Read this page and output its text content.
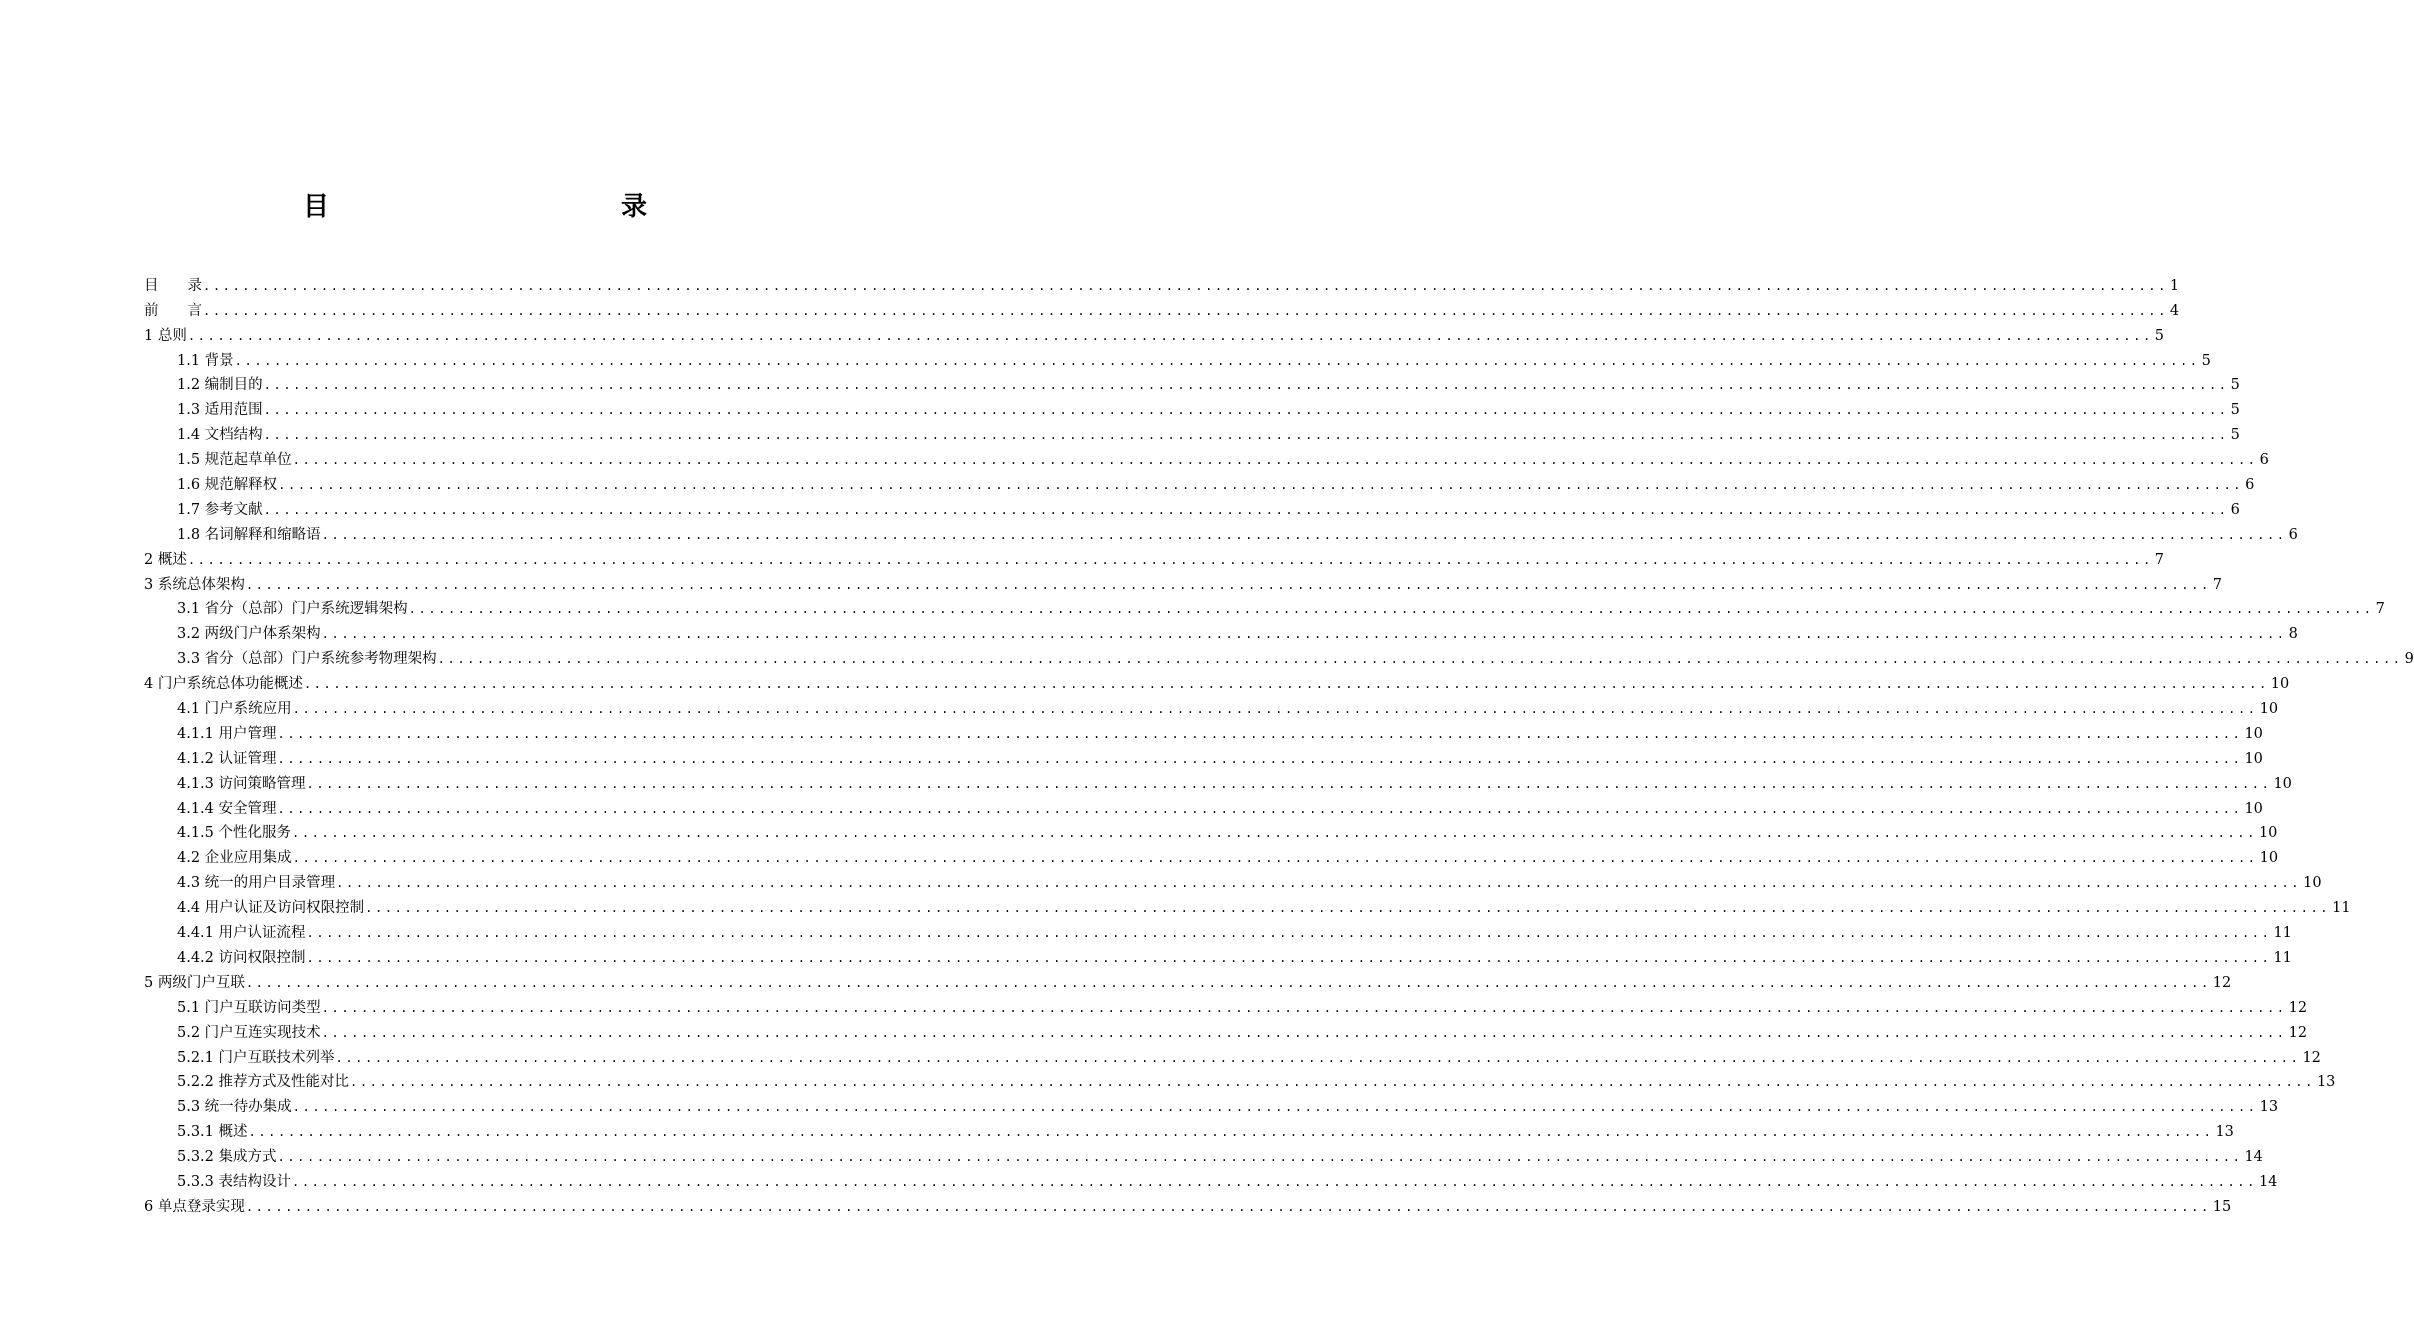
目　　录
目　　录 ........................................................................................................................................................................................................ 1
前　　言 ........................................................................................................................................................................................................ 4
1 总则 ........................................................................................................................................................................................................ 5
1.1 背景 ........................................................................................................................................................................................................ 5
1.2 编制目的 ........................................................................................................................................................................................................ 5
1.3 适用范围 ........................................................................................................................................................................................................ 5
1.4 文档结构 ........................................................................................................................................................................................................ 5
1.5 规范起草单位 ........................................................................................................................................................................................................ 6
1.6 规范解释权 ........................................................................................................................................................................................................ 6
1.7 参考文献 ........................................................................................................................................................................................................ 6
1.8 名词解释和缩略语 ........................................................................................................................................................................................................ 6
2 概述 ........................................................................................................................................................................................................ 7
3 系统总体架构 ........................................................................................................................................................................................................ 7
3.1 省分（总部）门户系统逻辑架构 ........................................................................................................................................................................................................ 7
3.2 两级门户体系架构 ........................................................................................................................................................................................................ 8
3.3 省分（总部）门户系统参考物理架构 ........................................................................................................................................................................................................ 9
4 门户系统总体功能概述 ........................................................................................................................................................................................................ 10
4.1 门户系统应用 ........................................................................................................................................................................................................ 10
4.1.1 用户管理 ........................................................................................................................................................................................................ 10
4.1.2 认证管理 ........................................................................................................................................................................................................ 10
4.1.3 访问策略管理 ........................................................................................................................................................................................................ 10
4.1.4 安全管理 ........................................................................................................................................................................................................ 10
4.1.5 个性化服务 ........................................................................................................................................................................................................ 10
4.2 企业应用集成 ........................................................................................................................................................................................................ 10
4.3 统一的用户目录管理 ........................................................................................................................................................................................................ 10
4.4 用户认证及访问权限控制 ........................................................................................................................................................................................................ 11
4.4.1 用户认证流程 ........................................................................................................................................................................................................ 11
4.4.2 访问权限控制 ........................................................................................................................................................................................................ 11
5 两级门户互联 ........................................................................................................................................................................................................ 12
5.1 门户互联访问类型 ........................................................................................................................................................................................................ 12
5.2 门户互连实现技术 ........................................................................................................................................................................................................ 12
5.2.1 门户互联技术列举 ........................................................................................................................................................................................................ 12
5.2.2 推荐方式及性能对比 ........................................................................................................................................................................................................ 13
5.3 统一待办集成 ........................................................................................................................................................................................................ 13
5.3.1 概述 ........................................................................................................................................................................................................ 13
5.3.2 集成方式 ........................................................................................................................................................................................................ 14
5.3.3 表结构设计 ........................................................................................................................................................................................................ 14
6 单点登录实现 ........................................................................................................................................................................................................ 15
